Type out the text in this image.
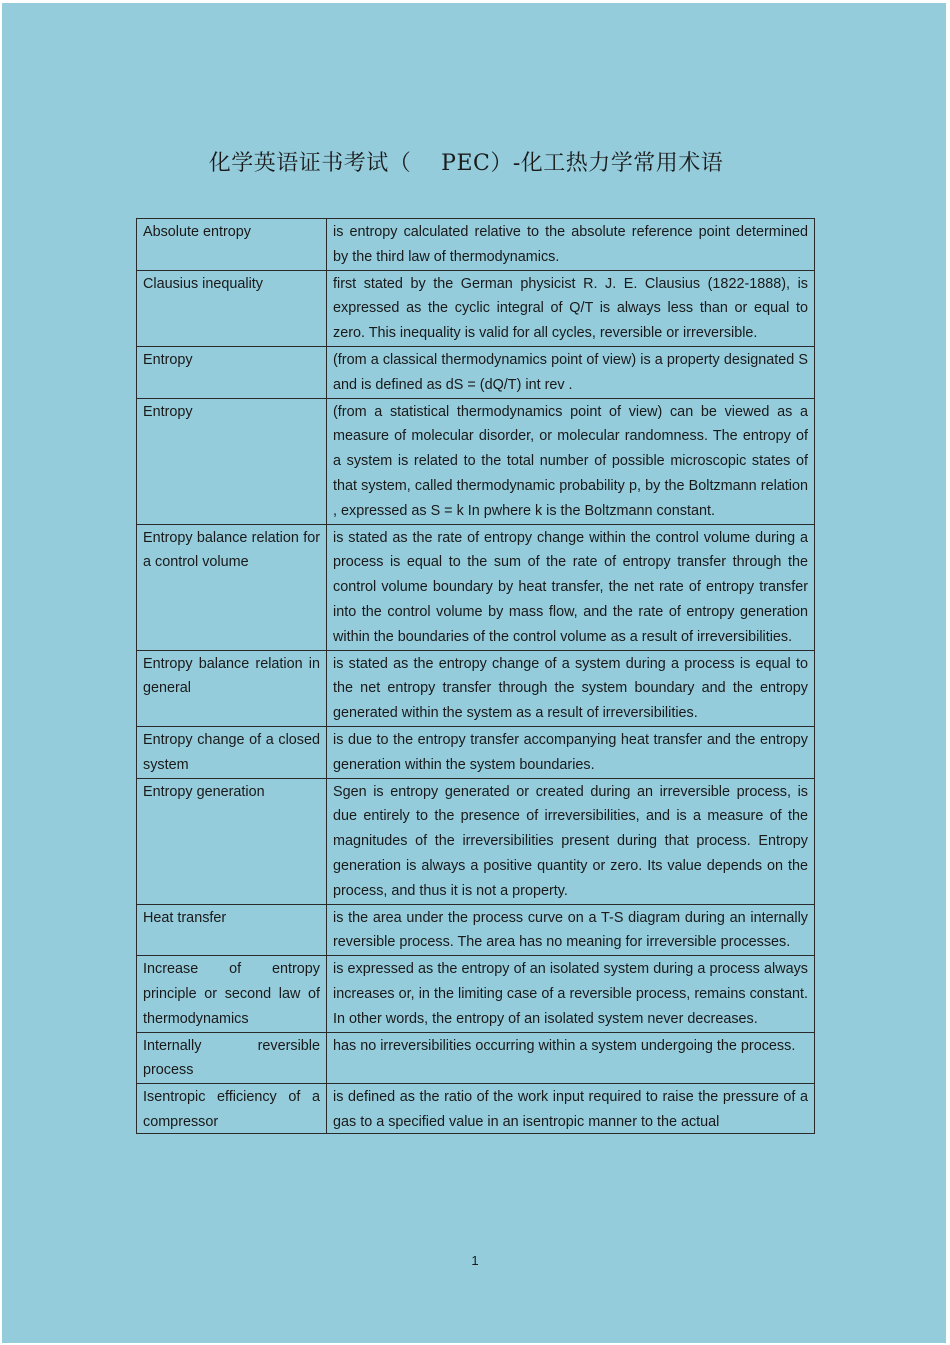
化学英语证书考试（    PEC）-化工热力学常用术语
Absolute entropy	is entropy calculated relative to the absolute reference point determined by the third law of thermodynamics.
Clausius inequality	first stated by the German physicist R. J. E. Clausius (1822-1888), is expressed as the cyclic integral of Q/T is always less than or equal to zero. This inequality is valid for all cycles, reversible or irreversible.
Entropy	(from a classical thermodynamics point of view) is a property designated S and is defined as dS = (dQ/T) int rev .
Entropy	(from a statistical thermodynamics point of view) can be viewed as a measure of molecular disorder, or molecular randomness. The entropy of a system is related to the total number of possible microscopic states of that system, called thermodynamic probability p, by the Boltzmann relation , expressed as S = k In pwhere k is the Boltzmann constant.
Entropy balance relation for a control volume	is stated as the rate of entropy change within the control volume during a process is equal to the sum of the rate of entropy transfer through the control volume boundary by heat transfer, the net rate of entropy transfer into the control volume by mass flow, and the rate of entropy generation within the boundaries of the control volume as a result of irreversibilities.
Entropy balance relation in general	is stated as the entropy change of a system during a process is equal to the net entropy transfer through the system boundary and the entropy generated within the system as a result of irreversibilities.
Entropy change of a closed system	is due to the entropy transfer accompanying heat transfer and the entropy generation within the system boundaries.
Entropy generation	Sgen is entropy generated or created during an irreversible process, is due entirely to the presence of irreversibilities, and is a measure of the magnitudes of the irreversibilities present during that process. Entropy generation is always a positive quantity or zero. Its value depends on the process, and thus it is not a property.
Heat transfer	is the area under the process curve on a T-S diagram during an internally reversible process. The area has no meaning for irreversible processes.
Increase of entropy principle or second law of thermodynamics	is expressed as the entropy of an isolated system during a process always increases or, in the limiting case of a reversible process, remains constant. In other words, the entropy of an isolated system never decreases.
Internally reversible process	has no irreversibilities occurring within a system undergoing the process.

Isentropic efficiency of a compressor	is defined as the ratio of the work input required to raise the pressure of a gas to a specified value in an isentropic manner to the actual
1
